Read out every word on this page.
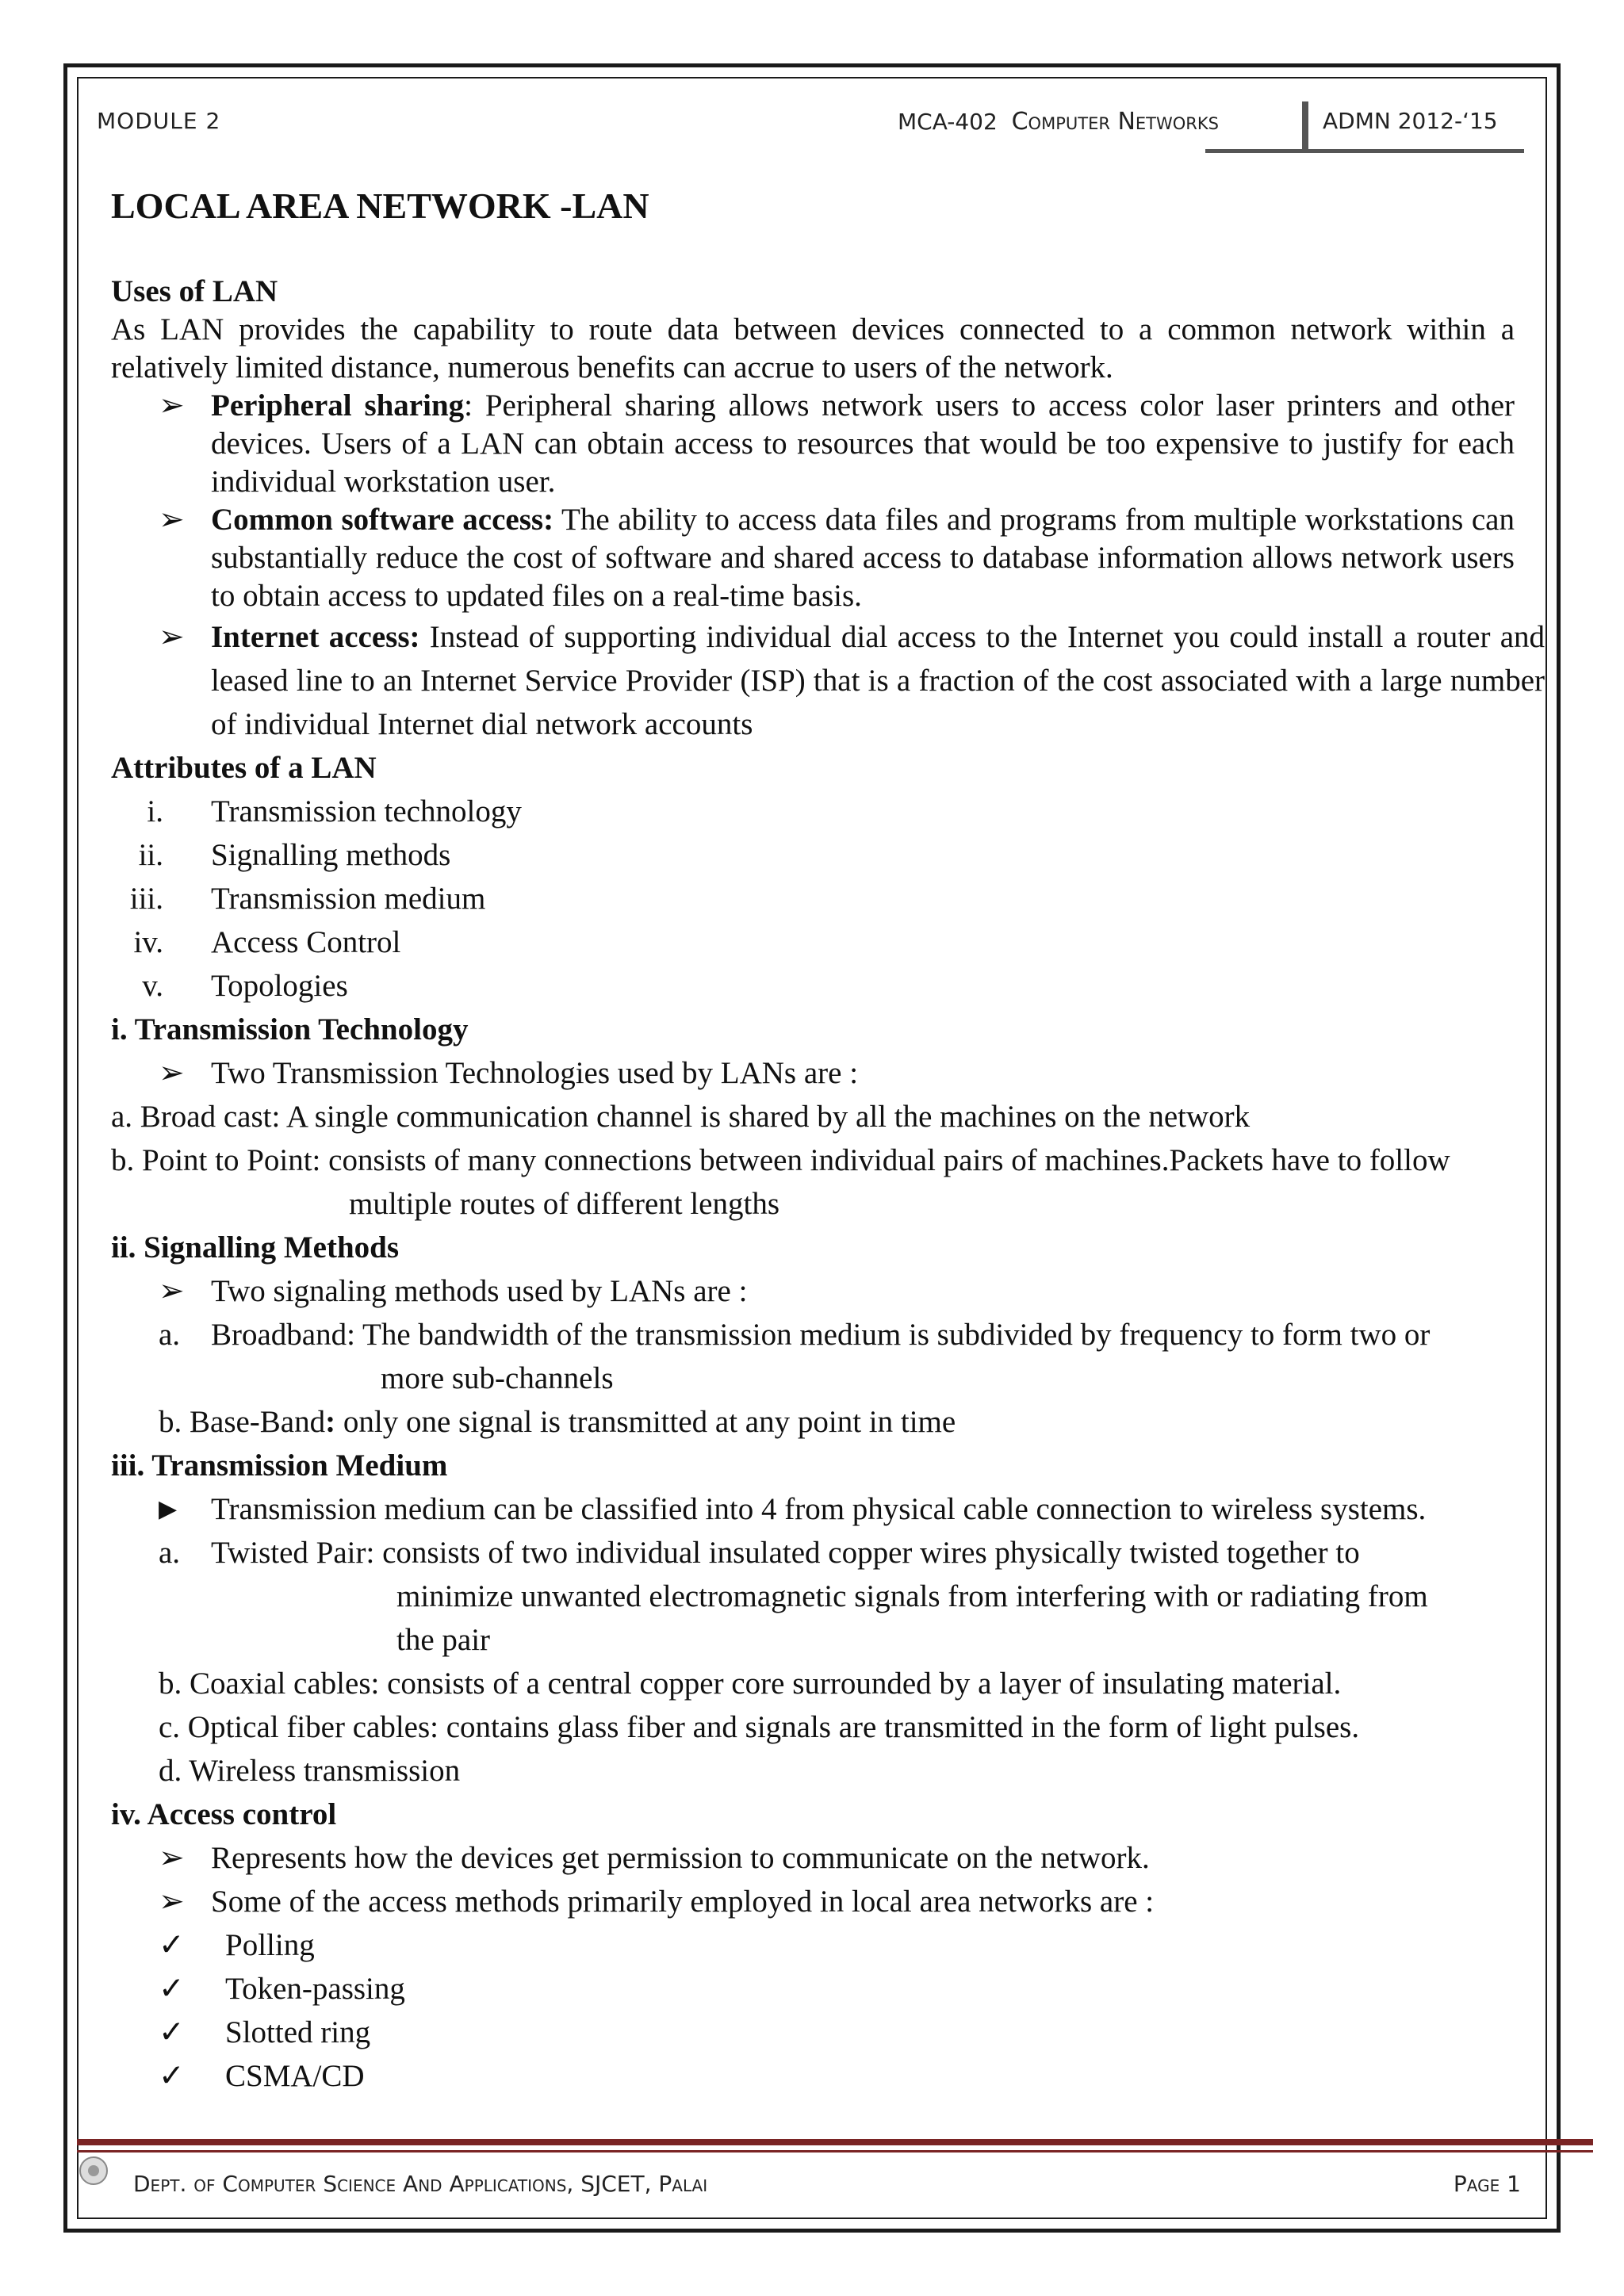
MODULE 2	MCA-402 Computer Networks	ADMN 2012-‘15
LOCAL AREA NETWORK -LAN
Uses of LAN
As LAN provides the capability to route data between devices connected to a common network within a relatively limited distance, numerous benefits can accrue to users of the network.
➢ Peripheral sharing: Peripheral sharing allows network users to access color laser printers and other devices. Users of a LAN can obtain access to resources that would be too expensive to justify for each individual workstation user.
➢ Common software access: The ability to access data files and programs from multiple workstations can substantially reduce the cost of software and shared access to database information allows network users to obtain access to updated files on a real-time basis.
➢ Internet access: Instead of supporting individual dial access to the Internet you could install a router and leased line to an Internet Service Provider (ISP) that is a fraction of the cost associated with a large number of individual Internet dial network accounts
Attributes of a LAN
i. Transmission technology
ii. Signalling methods
iii. Transmission medium
iv. Access Control
v. Topologies
i. Transmission Technology
➢ Two Transmission Technologies used by LANs are :
a. Broad cast: A single communication channel is shared by all the machines on the network
b. Point to Point: consists of many connections between individual pairs of machines.Packets have to follow
multiple routes of different lengths
ii. Signalling Methods
➢ Two signaling methods used by LANs are :
a. Broadband: The bandwidth of the transmission medium is subdivided by frequency to form two or
more sub-channels
b. Base-Band: only one signal is transmitted at any point in time
iii. Transmission Medium
▶ Transmission medium can be classified into 4 from physical cable connection to wireless systems.
a. Twisted Pair: consists of two individual insulated copper wires physically twisted together to
minimize unwanted electromagnetic signals from interfering with or radiating from
the pair
b. Coaxial cables: consists of a central copper core surrounded by a layer of insulating material.
c. Optical fiber cables: contains glass fiber and signals are transmitted in the form of light pulses.
d. Wireless transmission
iv. Access control
➢ Represents how the devices get permission to communicate on the network.
➢ Some of the access methods primarily employed in local area networks are :
✓ Polling
✓ Token-passing
✓ Slotted ring
✓ CSMA/CD
Dept. of Computer Science And Applications, SJCET, Palai	Page 1
